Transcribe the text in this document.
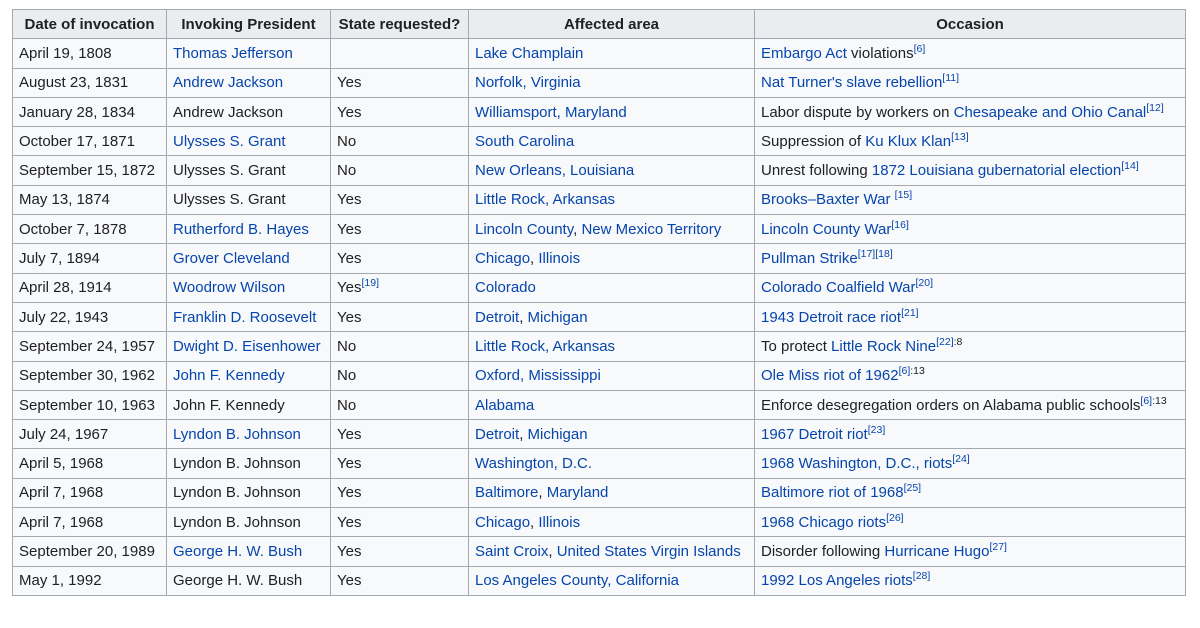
Date of invocation	Invoking President	State requested?	Affected area	Occasion
April 19, 1808	Thomas Jefferson		Lake Champlain	Embargo Act violations[6]
August 23, 1831	Andrew Jackson	Yes	Norfolk, Virginia	Nat Turner's slave rebellion[11]
January 28, 1834	Andrew Jackson	Yes	Williamsport, Maryland	Labor dispute by workers on Chesapeake and Ohio Canal[12]
October 17, 1871	Ulysses S. Grant	No	South Carolina	Suppression of Ku Klux Klan[13]
September 15, 1872	Ulysses S. Grant	No	New Orleans, Louisiana	Unrest following 1872 Louisiana gubernatorial election[14]
May 13, 1874	Ulysses S. Grant	Yes	Little Rock, Arkansas	Brooks–Baxter War [15]
October 7, 1878	Rutherford B. Hayes	Yes	Lincoln County, New Mexico Territory	Lincoln County War[16]
July 7, 1894	Grover Cleveland	Yes	Chicago, Illinois	Pullman Strike[17][18]
April 28, 1914	Woodrow Wilson	Yes[19]	Colorado	Colorado Coalfield War[20]
July 22, 1943	Franklin D. Roosevelt	Yes	Detroit, Michigan	1943 Detroit race riot[21]
September 24, 1957	Dwight D. Eisenhower	No	Little Rock, Arkansas	To protect Little Rock Nine$^{[22]:8}$
September 30, 1962	John F. Kennedy	No	Oxford, Mississippi	Ole Miss riot of 1962$^{[6]:13}$
September 10, 1963	John F. Kennedy	No	Alabama	Enforce desegregation orders on Alabama public schools$^{[6]:13}$
July 24, 1967	Lyndon B. Johnson	Yes	Detroit, Michigan	1967 Detroit riot[23]
April 5, 1968	Lyndon B. Johnson	Yes	Washington, D.C.	1968 Washington, D.C., riots[24]
April 7, 1968	Lyndon B. Johnson	Yes	Baltimore, Maryland	Baltimore riot of 1968[25]
April 7, 1968	Lyndon B. Johnson	Yes	Chicago, Illinois	1968 Chicago riots[26]
September 20, 1989	George H. W. Bush	Yes	Saint Croix, United States Virgin Islands	Disorder following Hurricane Hugo[27]
May 1, 1992	George H. W. Bush	Yes	Los Angeles County, California	1992 Los Angeles riots[28]
